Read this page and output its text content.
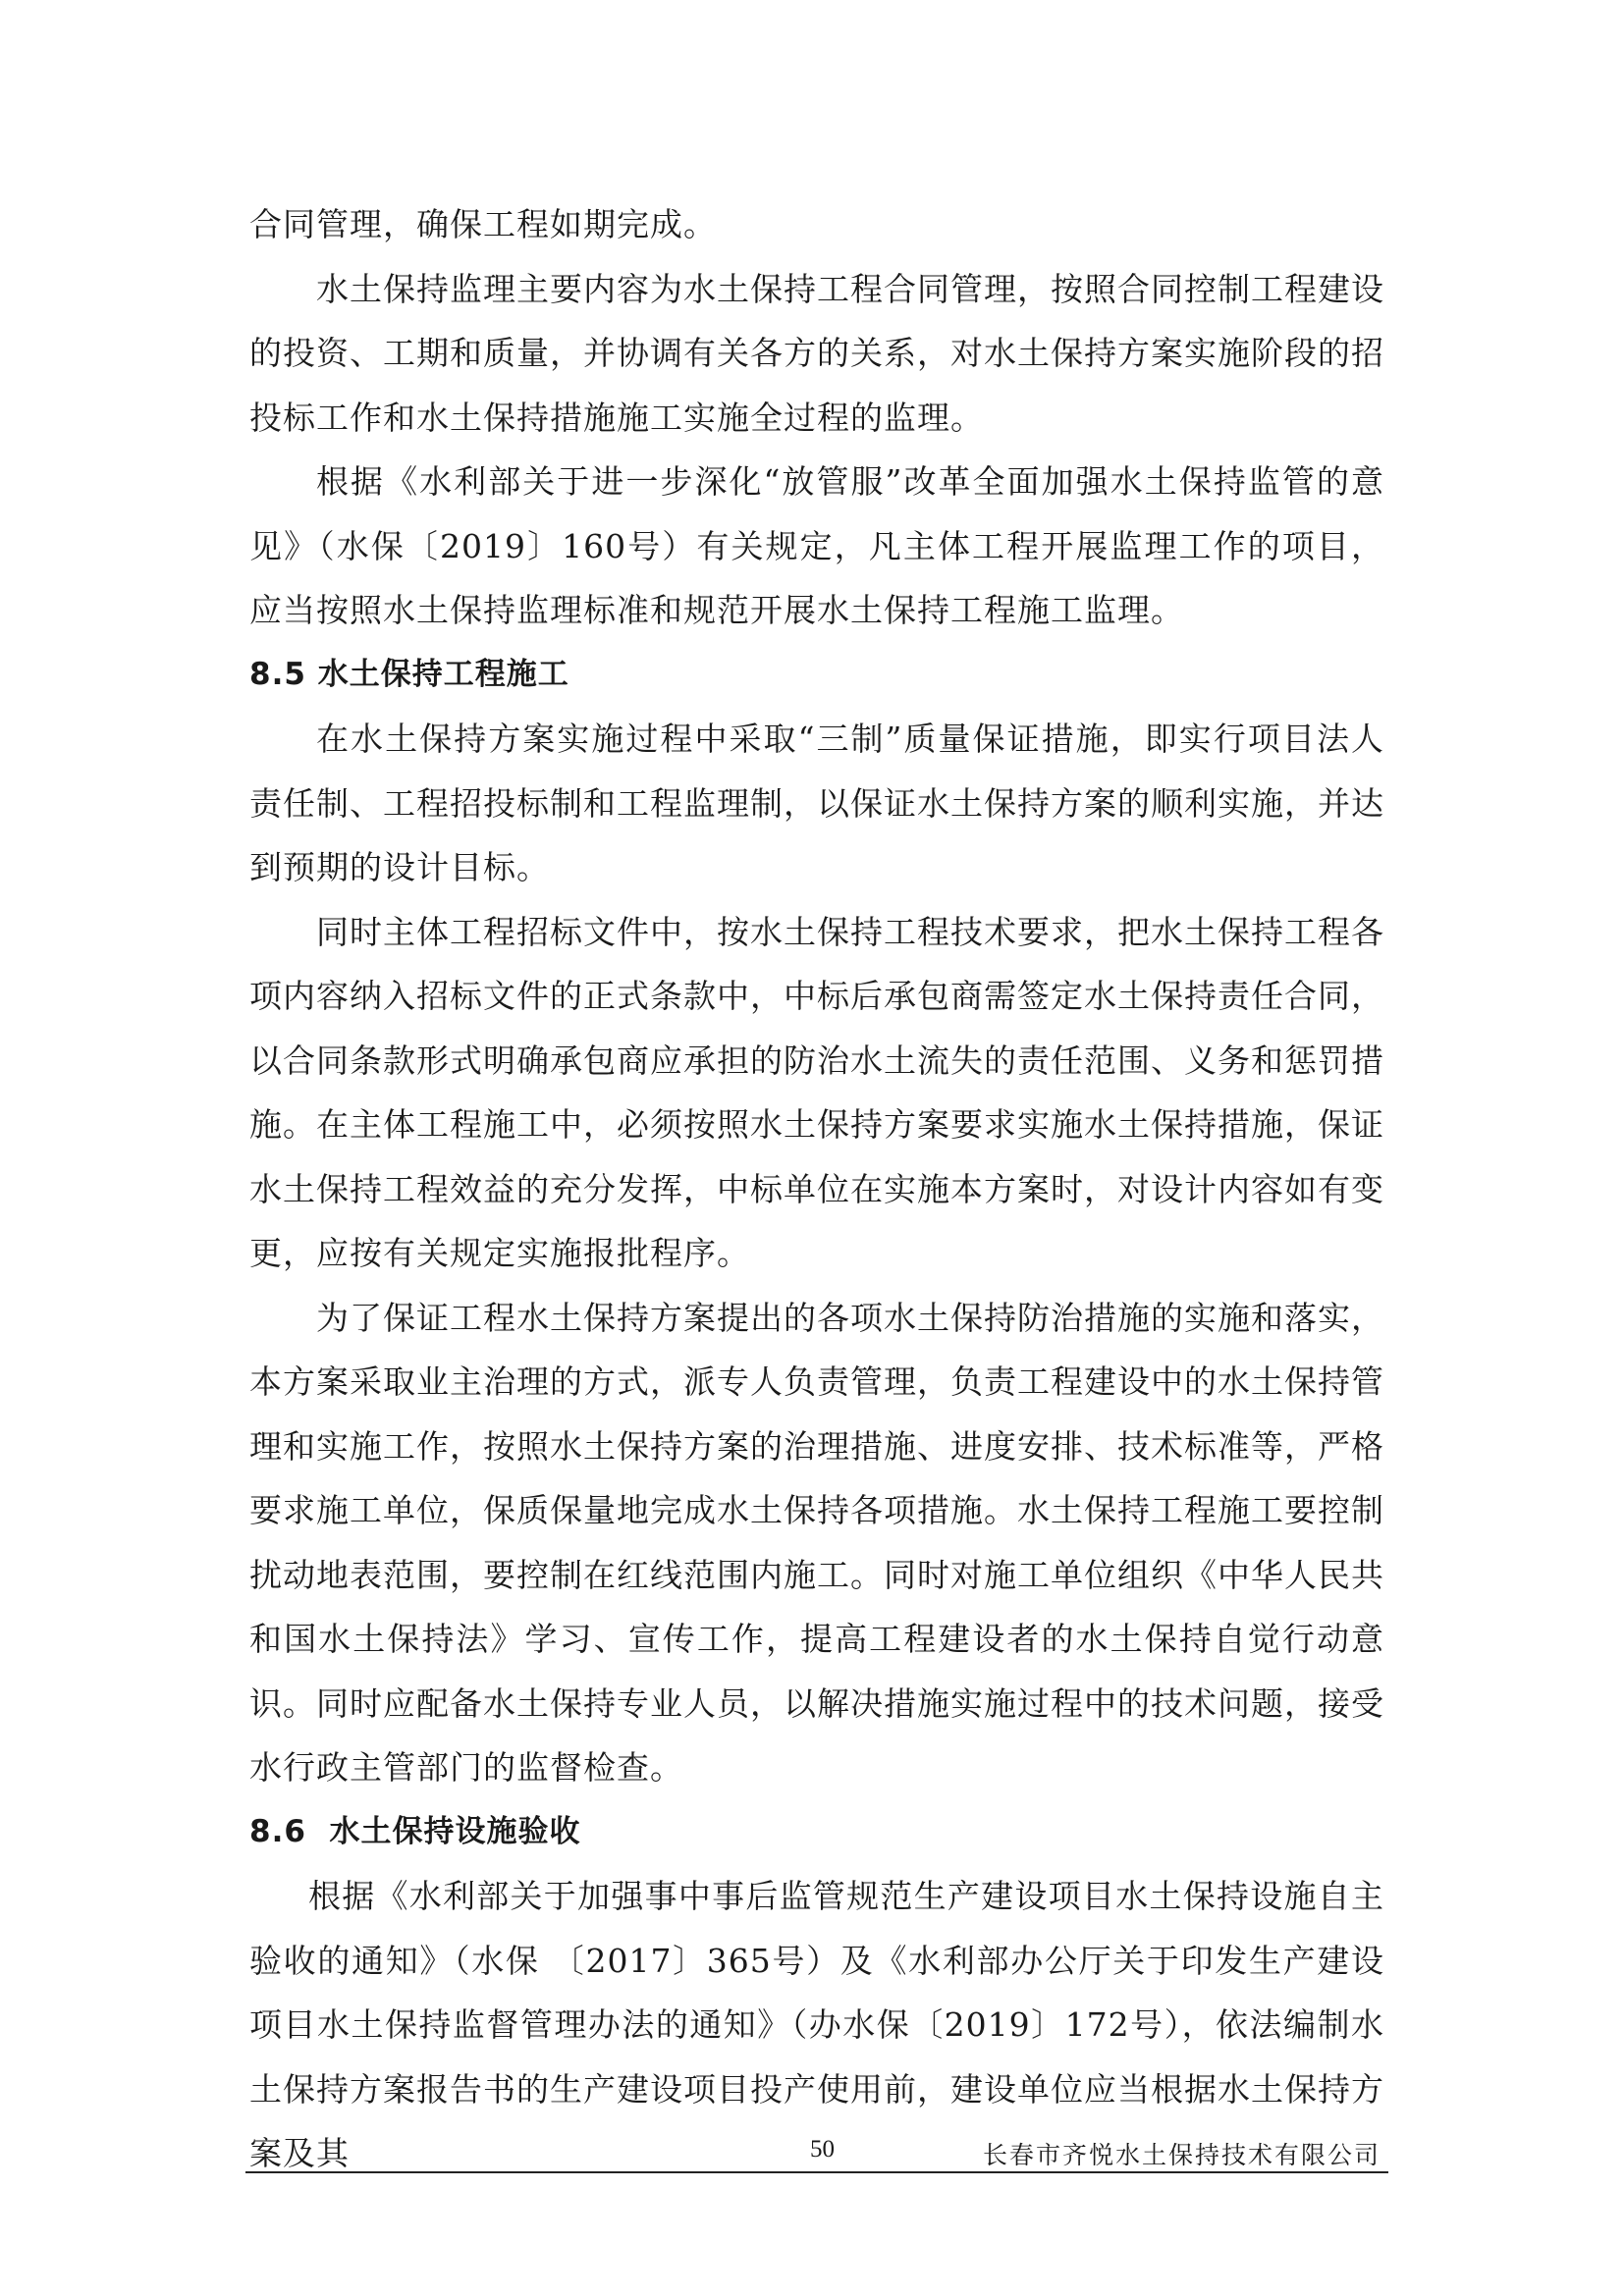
合同管理，确保工程如期完成。

水土保持监理主要内容为水土保持工程合同管理，按照合同控制工程建设的投资、工期和质量，并协调有关各方的关系，对水土保持方案实施阶段的招投标工作和水土保持措施施工实施全过程的监理。

根据《水利部关于进一步深化“放管服”改革全面加强水土保持监管的意见》（水保〔2019〕160号）有关规定，凡主体工程开展监理工作的项目，应当按照水土保持监理标准和规范开展水土保持工程施工监理。

8.5 水土保持工程施工

在水土保持方案实施过程中采取“三制”质量保证措施，即实行项目法人责任制、工程招投标制和工程监理制，以保证水土保持方案的顺利实施，并达到预期的设计目标。

同时主体工程招标文件中，按水土保持工程技术要求，把水土保持工程各项内容纳入招标文件的正式条款中，中标后承包商需签定水土保持责任合同，以合同条款形式明确承包商应承担的防治水土流失的责任范围、义务和惩罚措施。在主体工程施工中，必须按照水土保持方案要求实施水土保持措施，保证水土保持工程效益的充分发挥，中标单位在实施本方案时，对设计内容如有变更，应按有关规定实施报批程序。

为了保证工程水土保持方案提出的各项水土保持防治措施的实施和落实，本方案采取业主治理的方式，派专人负责管理，负责工程建设中的水土保持管理和实施工作，按照水土保持方案的治理措施、进度安排、技术标准等，严格要求施工单位，保质保量地完成水土保持各项措施。水土保持工程施工要控制扰动地表范围，要控制在红线范围内施工。同时对施工单位组织《中华人民共和国水土保持法》学习、宣传工作，提高工程建设者的水土保持自觉行动意识。同时应配备水土保持专业人员，以解决措施实施过程中的技术问题，接受水行政主管部门的监督检查。

8.6  水土保持设施验收

根据《水利部关于加强事中事后监管规范生产建设项目水土保持设施自主验收的通知》（水保 〔2017〕365号）及《水利部办公厅关于印发生产建设项目水土保持监督管理办法的通知》（办水保〔2019〕172号），依法编制水土保持方案报告书的生产建设项目投产使用前，建设单位应当根据水土保持方案及其	50	长春市齐悦水土保持技术有限公司
